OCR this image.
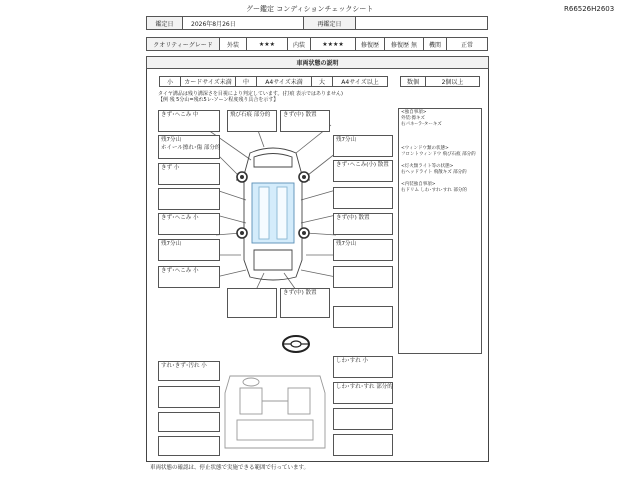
グー鑑定 コンディションチェックシート	R66526H2603
鑑定日	2026年8月26日	再鑑定日
クオリティーグレード	外装	★★★	内装	★★★★	修復歴	修復歴 無	機関	正常
車両状態の説明
小	カードサイズ未満	中	A4サイズ未満	大	A4サイズ以上	数個	2個以上
タイヤ溝品は残り溝深さを目視により判定しています。(打痕 表示ではありません)
【例 残 5分山=残れ5レ-ソーン程度残り具合を示す】
<独自事項>
外装:擦キズ
右パネ--ラ-ターキズ
<ウィンドウ類の状態>
フロントウィンドウ 飛び石痕 部分的
<灯火類ライト等の状態>
右ヘッドライト 飛散キズ 部分的
<内装独自事項>
右ドリム しわ･すれ･すれ 部分的
きず･へこみ 中
残7分山
ホイール擦れ･傷 部分的
きず 小
きず･へこみ 小
残7分山
きず･へこみ 小
飛び石痕 部分的	きず(中) 散置
残7分山
きず･へこみ(小) 散置
きず(中) 散置
残7分山
きず(中) 散置
すれ･きず･汚れ 小
しわ･すれ 小
しわ･すれ･すれ 部分的
車両状態の確認は、停止状態で実施できる範囲で行っています。
